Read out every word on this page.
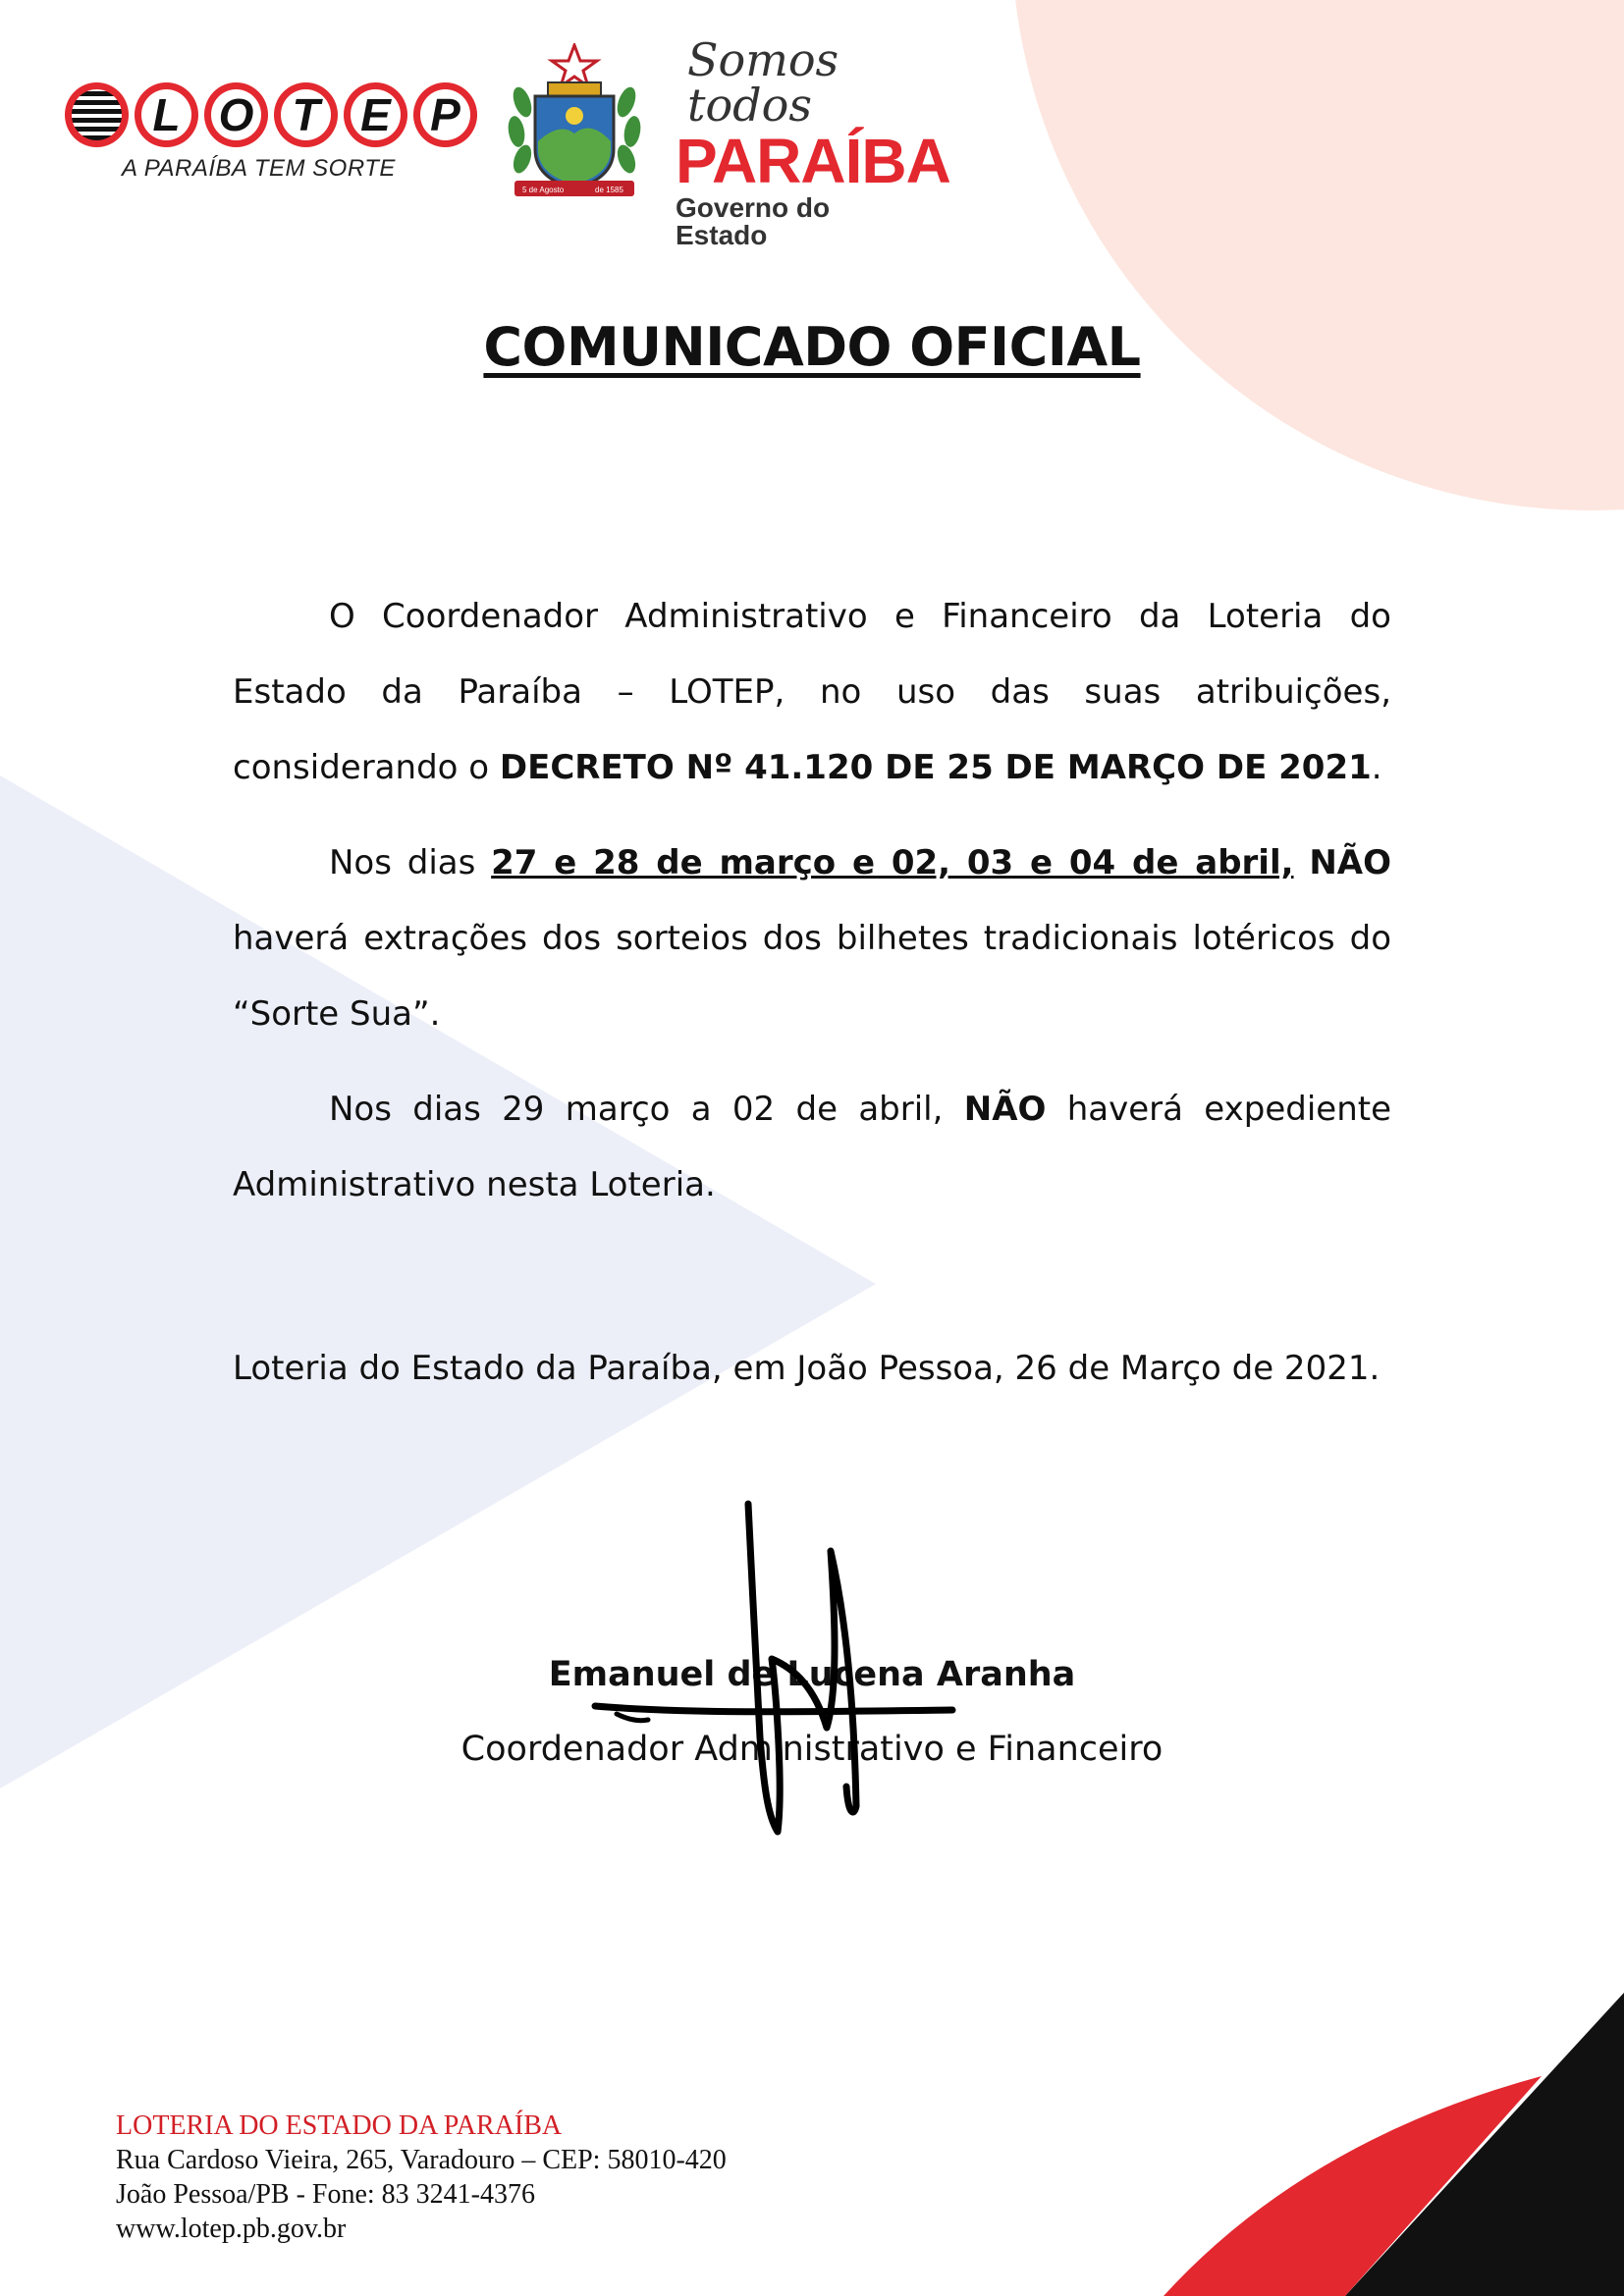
L O T E P
A PARAÍBA TEM SORTE
5 de Agosto	de 1585
Somos todos
PARAÍBA
Governo do Estado
COMUNICADO OFICIAL

O Coordenador Administrativo e Financeiro da Loteria do Estado da Paraíba – LOTEP, no uso das suas atribuições, considerando o DECRETO Nº 41.120 DE 25 DE MARÇO DE 2021.

Nos dias 27 e 28 de março e 02, 03 e 04 de abril, NÃO haverá extrações dos sorteios dos bilhetes tradicionais lotéricos do “Sorte Sua”.

Nos dias 29 março a 02 de abril, NÃO haverá expediente Administrativo nesta Loteria.

Loteria do Estado da Paraíba, em João Pessoa, 26 de Março de 2021.
Emanuel de Lucena Aranha
Coordenador Administrativo e Financeiro
LOTERIA DO ESTADO DA PARAÍBA
Rua Cardoso Vieira, 265, Varadouro – CEP: 58010-420
João Pessoa/PB - Fone: 83 3241-4376
www.lotep.pb.gov.br
